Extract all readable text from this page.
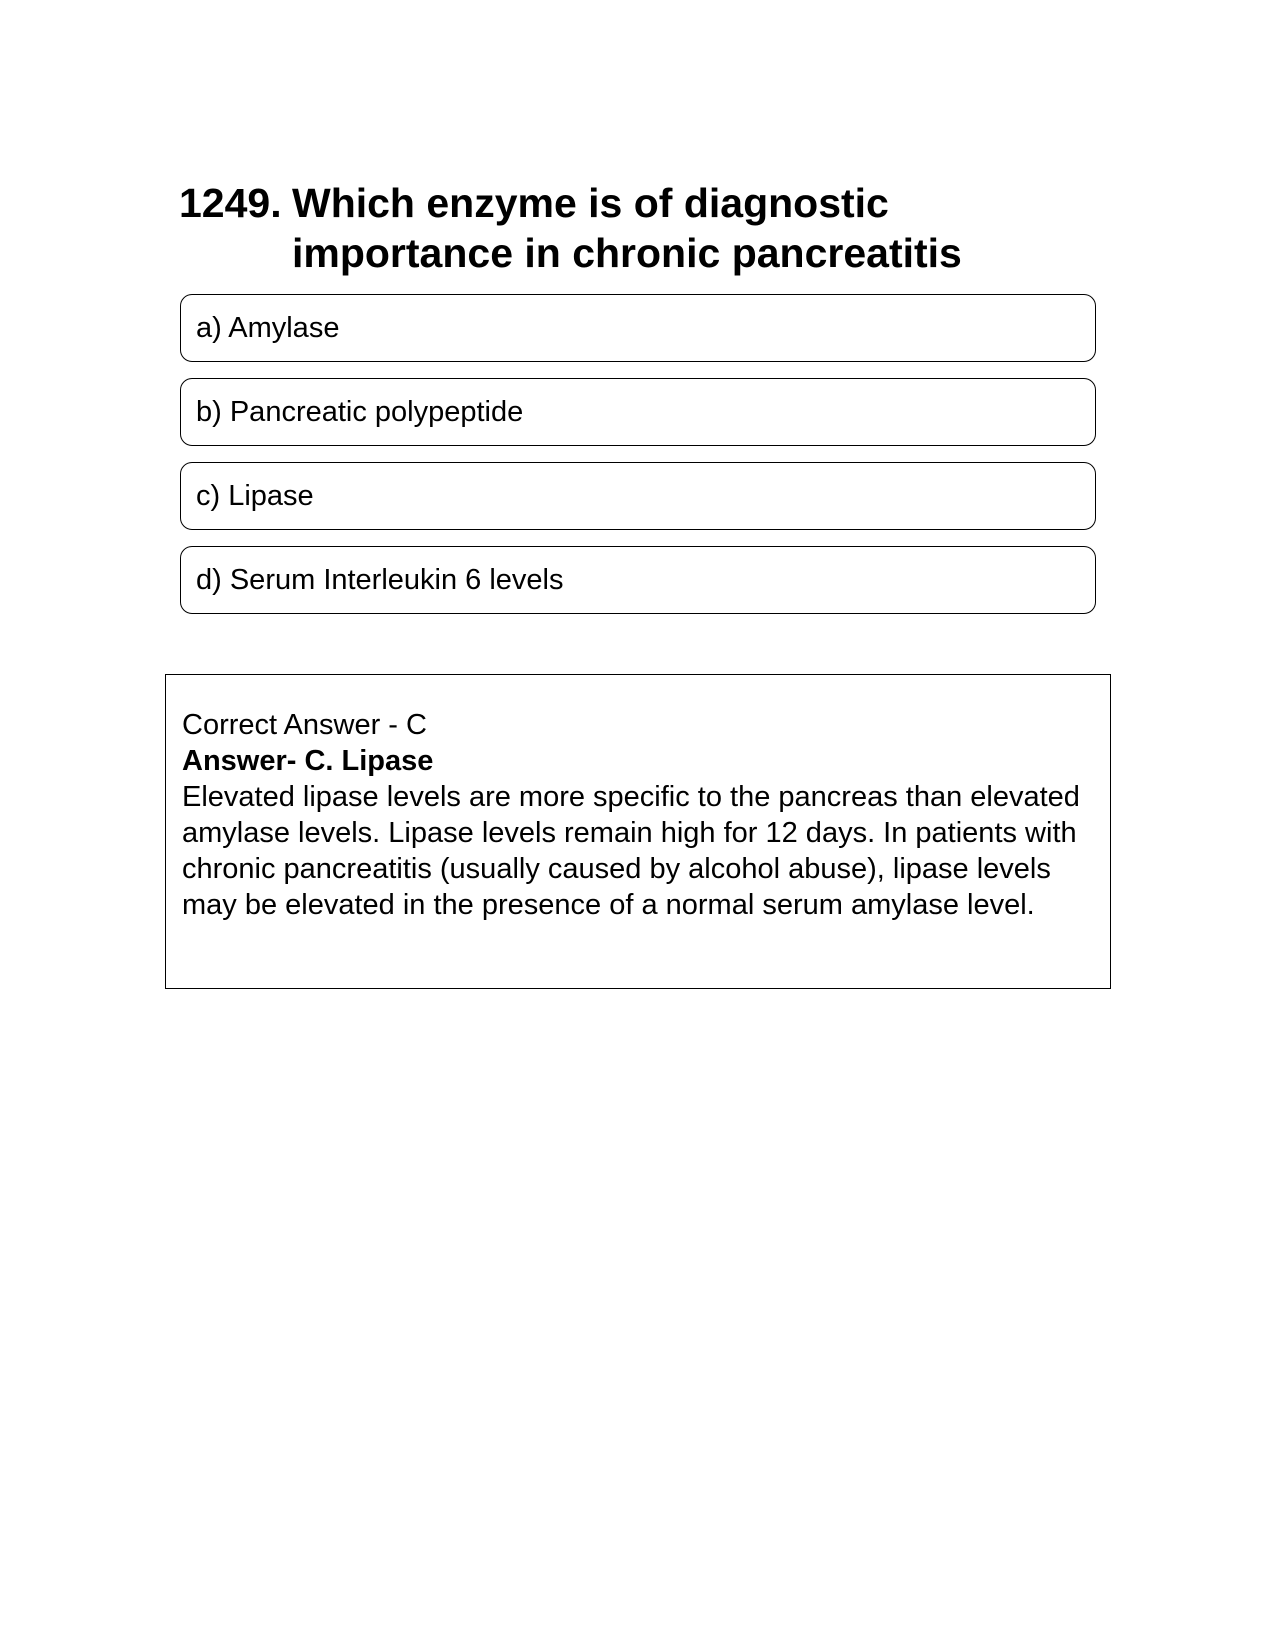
1249. Which enzyme is of diagnostic importance in chronic pancreatitis
a) Amylase
b) Pancreatic polypeptide
c) Lipase
d) Serum Interleukin 6 levels
Correct Answer - C
Answer- C. Lipase
Elevated lipase levels are more specific to the pancreas than elevated amylase levels. Lipase levels remain high for 12 days. In patients with chronic pancreatitis (usually caused by alcohol abuse), lipase levels may be elevated in the presence of a normal serum amylase level.
